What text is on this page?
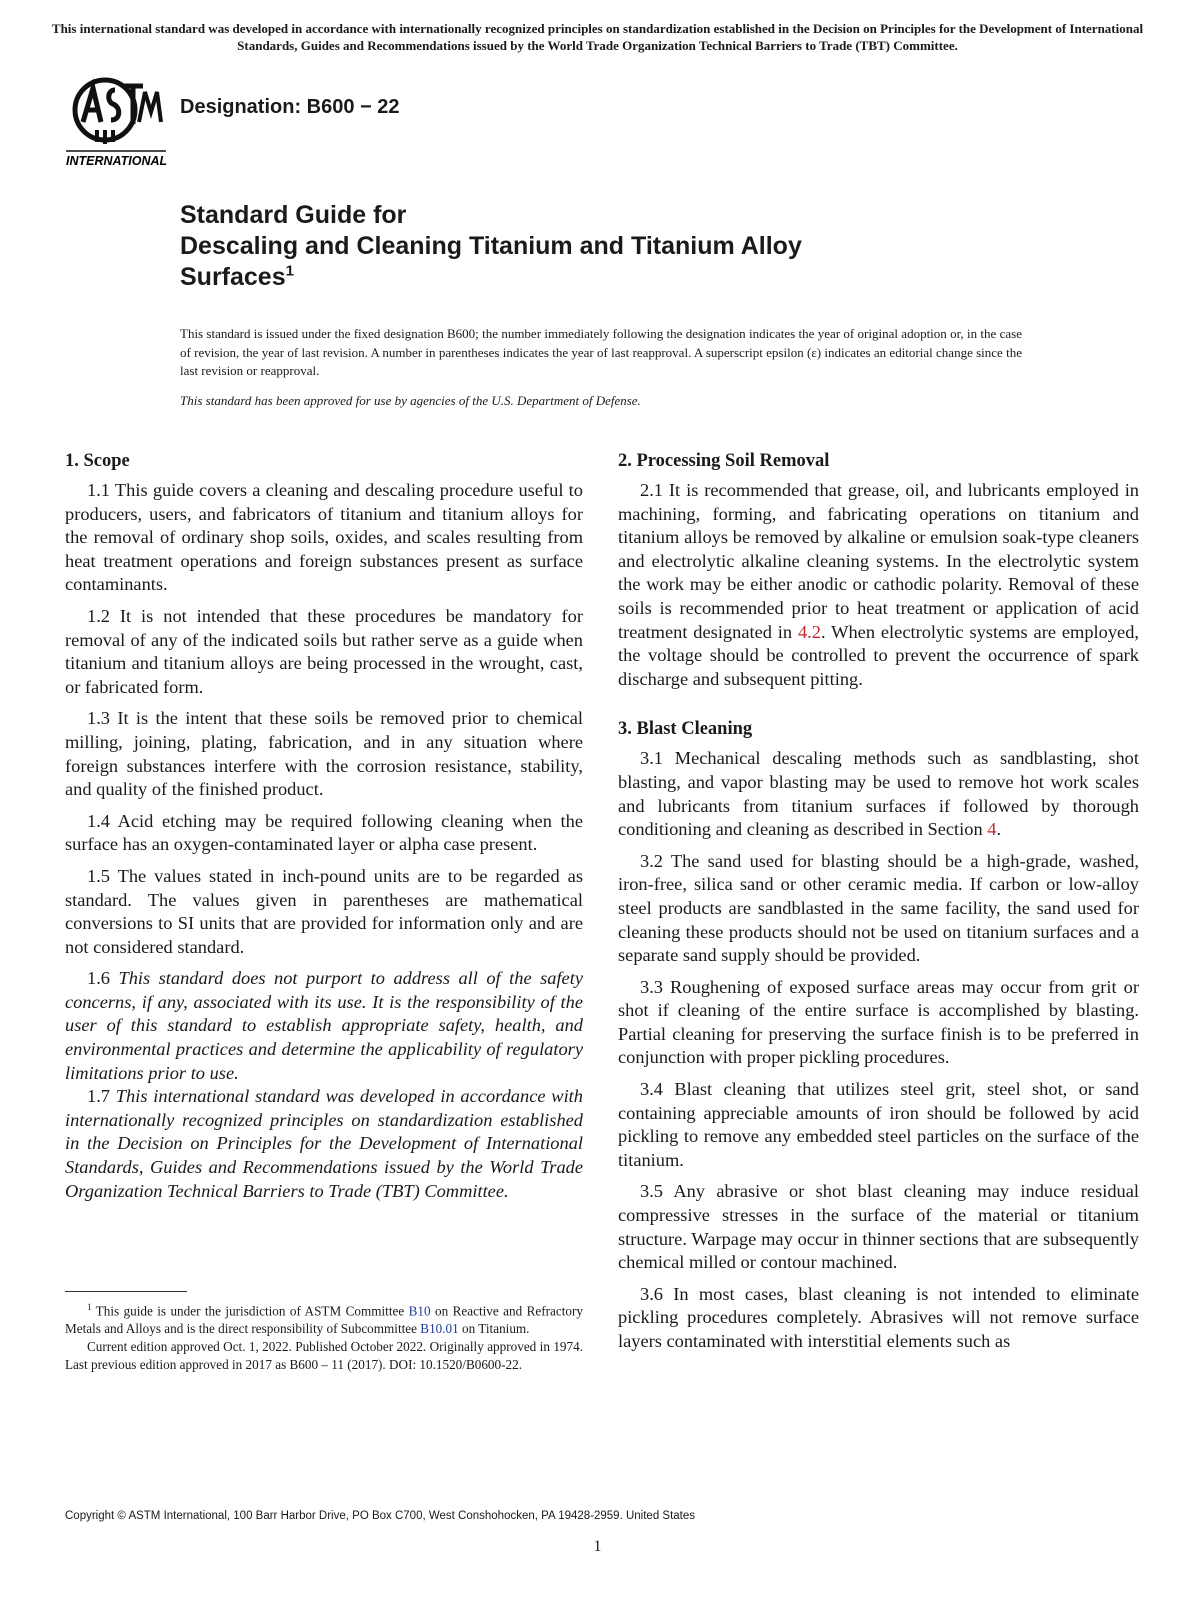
This international standard was developed in accordance with internationally recognized principles on standardization established in the Decision on Principles for the Development of International Standards, Guides and Recommendations issued by the World Trade Organization Technical Barriers to Trade (TBT) Committee.
INTERNATIONAL
Designation: B600 − 22
Standard Guide for
Descaling and Cleaning Titanium and Titanium Alloy
Surfaces$^1$
This standard is issued under the fixed designation B600; the number immediately following the designation indicates the year of original adoption or, in the case of revision, the year of last revision. A number in parentheses indicates the year of last reapproval. A superscript epsilon (ε) indicates an editorial change since the last revision or reapproval.
This standard has been approved for use by agencies of the U.S. Department of Defense.
1. Scope

1.1 This guide covers a cleaning and descaling procedure useful to producers, users, and fabricators of titanium and titanium alloys for the removal of ordinary shop soils, oxides, and scales resulting from heat treatment operations and foreign substances present as surface contaminants.

1.2 It is not intended that these procedures be mandatory for removal of any of the indicated soils but rather serve as a guide when titanium and titanium alloys are being processed in the wrought, cast, or fabricated form.

1.3 It is the intent that these soils be removed prior to chemical milling, joining, plating, fabrication, and in any situation where foreign substances interfere with the corrosion resistance, stability, and quality of the finished product.

1.4 Acid etching may be required following cleaning when the surface has an oxygen-contaminated layer or alpha case present.

1.5 The values stated in inch-pound units are to be regarded as standard. The values given in parentheses are mathematical conversions to SI units that are provided for information only and are not considered standard.

1.6 This standard does not purport to address all of the safety concerns, if any, associated with its use. It is the responsibility of the user of this standard to establish appropriate safety, health, and environmental practices and determine the applicability of regulatory limitations prior to use.

1.7 This international standard was developed in accordance with internationally recognized principles on standardization established in the Decision on Principles for the Development of International Standards, Guides and Recommendations issued by the World Trade Organization Technical Barriers to Trade (TBT) Committee.

2. Processing Soil Removal

2.1 It is recommended that grease, oil, and lubricants employed in machining, forming, and fabricating operations on titanium and titanium alloys be removed by alkaline or emulsion soak-type cleaners and electrolytic alkaline cleaning systems. In the electrolytic system the work may be either anodic or cathodic polarity. Removal of these soils is recommended prior to heat treatment or application of acid treatment designated in 4.2. When electrolytic systems are employed, the voltage should be controlled to prevent the occurrence of spark discharge and subsequent pitting.

3. Blast Cleaning

3.1 Mechanical descaling methods such as sandblasting, shot blasting, and vapor blasting may be used to remove hot work scales and lubricants from titanium surfaces if followed by thorough conditioning and cleaning as described in Section 4.

3.2 The sand used for blasting should be a high-grade, washed, iron-free, silica sand or other ceramic media. If carbon or low-alloy steel products are sandblasted in the same facility, the sand used for cleaning these products should not be used on titanium surfaces and a separate sand supply should be provided.

3.3 Roughening of exposed surface areas may occur from grit or shot if cleaning of the entire surface is accomplished by blasting. Partial cleaning for preserving the surface finish is to be preferred in conjunction with proper pickling procedures.

3.4 Blast cleaning that utilizes steel grit, steel shot, or sand containing appreciable amounts of iron should be followed by acid pickling to remove any embedded steel particles on the surface of the titanium.

3.5 Any abrasive or shot blast cleaning may induce residual compressive stresses in the surface of the material or titanium structure. Warpage may occur in thinner sections that are subsequently chemical milled or contour machined.

3.6 In most cases, blast cleaning is not intended to eliminate pickling procedures completely. Abrasives will not remove surface layers contaminated with interstitial elements such as

$^1$ This guide is under the jurisdiction of ASTM Committee B10 on Reactive and Refractory Metals and Alloys and is the direct responsibility of Subcommittee B10.01 on Titanium.

Current edition approved Oct. 1, 2022. Published October 2022. Originally approved in 1974. Last previous edition approved in 2017 as B600 – 11 (2017). DOI: 10.1520/B0600-22.

Copyright © ASTM International, 100 Barr Harbor Drive, PO Box C700, West Conshohocken, PA 19428-2959. United States
1
